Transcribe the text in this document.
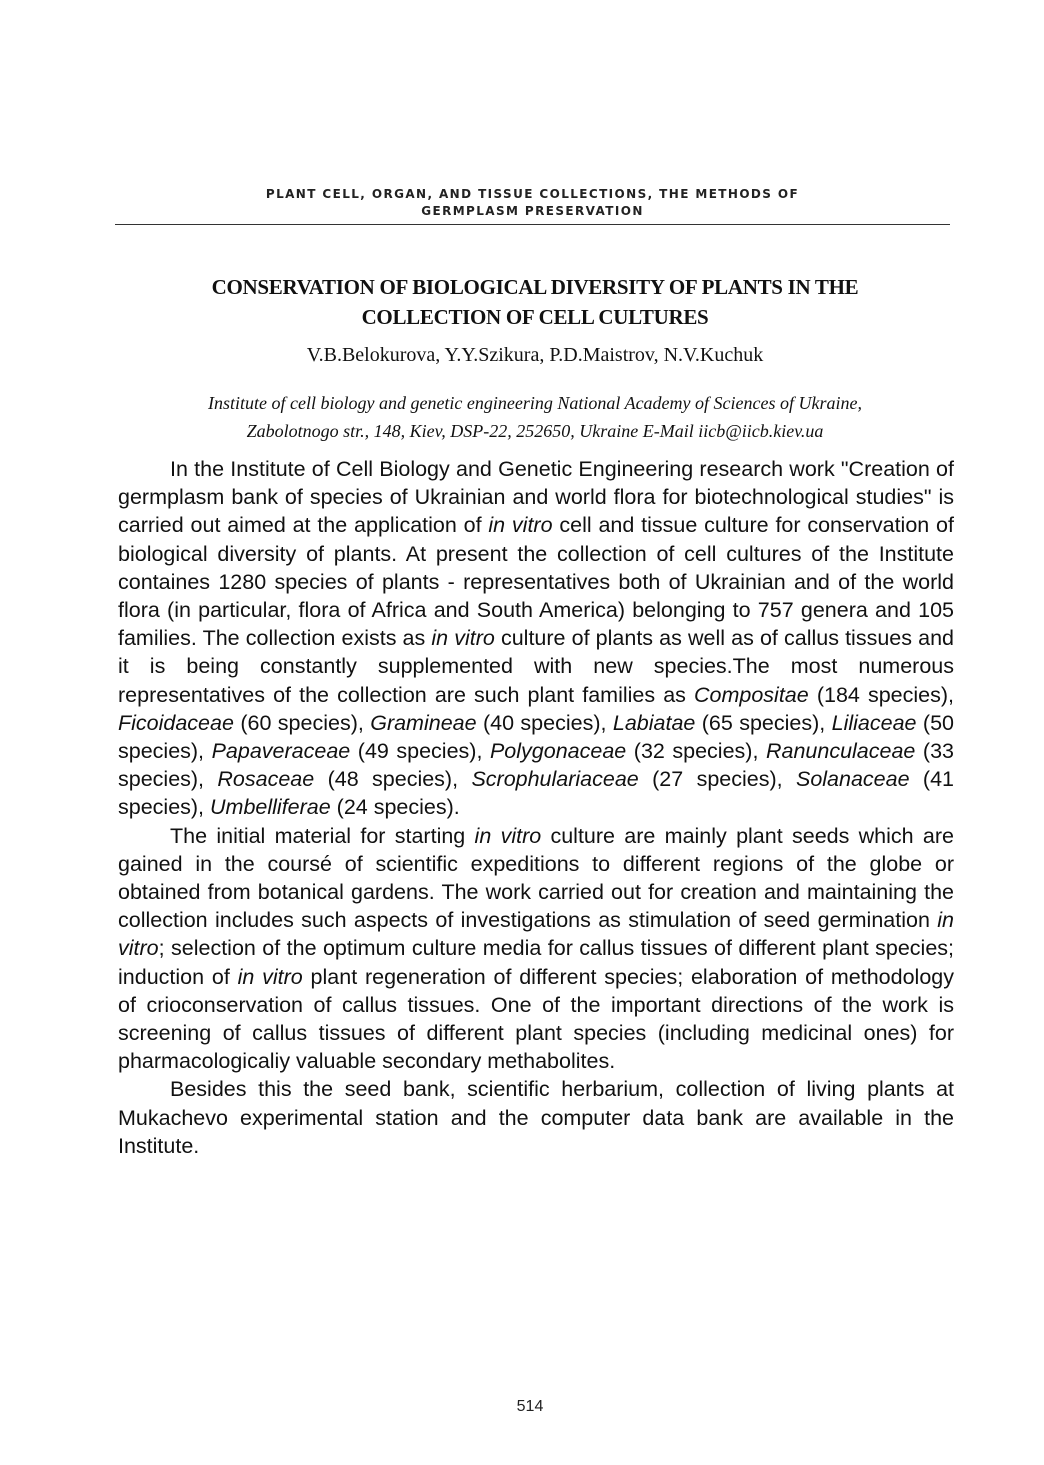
PLANT CELL, ORGAN, AND TISSUE COLLECTIONS, THE METHODS OF
GERMPLASM PRESERVATION
CONSERVATION OF BIOLOGICAL DIVERSITY OF PLANTS IN THE
COLLECTION OF CELL CULTURES
V.B.Belokurova, Y.Y.Szikura, P.D.Maistrov, N.V.Kuchuk
Institute of cell biology and genetic engineering National Academy of Sciences of Ukraine,
Zabolotnogo str., 148, Kiev, DSP-22, 252650, Ukraine E-Mail iicb@iicb.kiev.ua

In the Institute of Cell Biology and Genetic Engineering research work "Creation of germplasm bank of species of Ukrainian and world flora for biotechnological studies" is carried out aimed at the application of in vitro cell and tissue culture for conservation of biological diversity of plants. At present the collection of cell cultures of the Institute containes 1280 species of plants - representatives both of Ukrainian and of the world flora (in particular, flora of Africa and South America) belonging to 757 genera and 105 families. The collection exists as in vitro culture of plants as well as of callus tissues and it is being constantly supplemented with new species.The most numerous representatives of the collection are such plant families as Compositae (184 species), Ficoidaceae (60 species), Gramineae (40 species), Labiatae (65 species), Liliaceae (50 species), Papaveraceae (49 species), Polygonaceae (32 species), Ranunculaceae (33 species), Rosaceae (48 species), Scrophulariaceae (27 species), Solanaceae (41 species), Umbelliferae (24 species).

The initial material for starting in vitro culture are mainly plant seeds which are gained in the coursé of scientific expeditions to different regions of the globe or obtained from botanical gardens. The work carried out for creation and maintaining the collection includes such aspects of investigations as stimulation of seed germination in vitro; selection of the optimum culture media for callus tissues of different plant species; induction of in vitro plant regeneration of different species; elaboration of methodology of crioconservation of callus tissues. One of the important directions of the work is screening of callus tissues of different plant species (including medicinal ones) for pharmacologicaliy valuable secondary methabolites.

Besides this the seed bank, scientific herbarium, collection of living plants at Mukachevo experimental station and the computer data bank are available in the Institute.

514
